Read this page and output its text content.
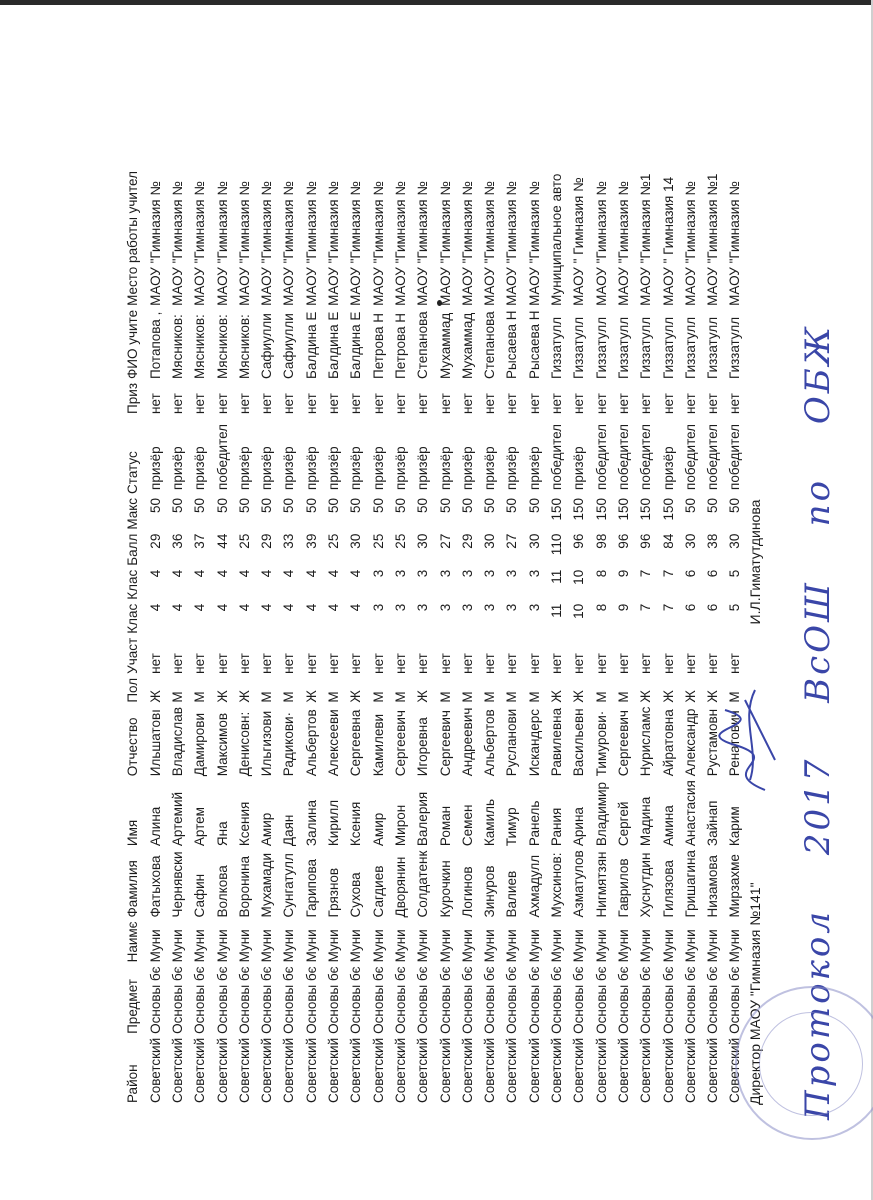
Протокол 2017 ВсОШ по ОБЖ
Район	Предмет	Наимє	Фамилия	Имя	Отчество	Пол	Участ	Клас	Клас	Балл	Макс	Статус	Приз	ФИО учите	Место работы учител
Советский	Основы бє	Муни	Фатыхова	Алина	Ильшатовı	Ж	нет	4	4	29	50	призёр	нет	Потапова ,	МАОУ "Гимназия №
Советский	Основы бє	Муни	Чернявски	Артемий	Владислав	М	нет	4	4	36	50	призёр	нет	Мясников:	МАОУ "Гимназия №
Советский	Основы бє	Муни	Сафин	Артем	Дамирови	М	нет	4	4	37	50	призёр	нет	Мясников:	МАОУ "Гимназия №
Советский	Основы бє	Муни	Волкова	Яна	Максимов	Ж	нет	4	4	44	50	победител	нет	Мясников:	МАОУ "Гимназия №
Советский	Основы бє	Муни	Воронина	Ксения	Денисовн:	Ж	нет	4	4	25	50	призёр	нет	Мясников:	МАОУ "Гимназия №
Советский	Основы бє	Муни	Мухамади	Амир	Ильгизови	М	нет	4	4	29	50	призёр	нет	Сафиулли	МАОУ "Гимназия №
Советский	Основы бє	Муни	Сунгатулл	Даян	Радикови·	М	нет	4	4	33	50	призёр	нет	Сафиулли	МАОУ "Гимназия №
Советский	Основы бє	Муни	Гарипова	Залина	Альбертов	Ж	нет	4	4	39	50	призёр	нет	Балдина Е	МАОУ "Гимназия №
Советский	Основы бє	Муни	Грязнов	Кирилл	Алексееви	М	нет	4	4	25	50	призёр	нет	Балдина Е	МАОУ "Гимназия №
Советский	Основы бє	Муни	Сухова	Ксения	Сергеевна	Ж	нет	4	4	30	50	призёр	нет	Балдина Е	МАОУ "Гимназия №
Советский	Основы бє	Муни	Сагдиев	Амир	Камилеви	М	нет	3	3	25	50	призёр	нет	Петрова Н	МАОУ "Гимназия №
Советский	Основы бє	Муни	Дворянин	Мирон	Сергеевич	М	нет	3	3	25	50	призёр	нет	Петрова Н	МАОУ "Гимназия №
Советский	Основы бє	Муни	Солдатенк	Валерия	Игоревна	Ж	нет	3	3	30	50	призёр	нет	Степанова	МАОУ "Гимназия №
Советский	Основы бє	Муни	Курочкин	Роман	Сергеевич	М	нет	3	3	27	50	призёр	нет	Мухаммад	МАОУ "Гимназия №
Советский	Основы бє	Муни	Логинов	Семен	Андреевич	М	нет	3	3	29	50	призёр	нет	Мухаммад	МАОУ "Гимназия №
Советский	Основы бє	Муни	Зинуров	Камиль	Альбертов	М	нет	3	3	30	50	призёр	нет	Степанова	МАОУ "Гимназия №
Советский	Основы бє	Муни	Валиев	Тимур	Русланови	М	нет	3	3	27	50	призёр	нет	Рысаева Н	МАОУ "Гимназия №
Советский	Основы бє	Муни	Ахмадулл	Ранель	Искандерс	М	нет	3	3	30	50	призёр	нет	Рысаева Н	МАОУ "Гимназия №
Советский	Основы бє	Муни	Мухсинов:	Рания	Равилевна	Ж	нет	11	11	110	150	победител	нет	Гиззатулл	Муниципальное авто
Советский	Основы бє	Муни	Азматулов	Арина	Васильевн	Ж	нет	10	10	96	150	призёр	нет	Гиззатулл	МАОУ " Гимназия №
Советский	Основы бє	Муни	Нигмятзян	Владимир	Тимурови·	М	нет	8	8	98	150	победител	нет	Гиззатулл	МАОУ "Гимназия №
Советский	Основы бє	Муни	Гаврилов	Сергей	Сергеевич	М	нет	9	9	96	150	победител	нет	Гиззатулл	МАОУ "Гимназия №
Советский	Основы бє	Муни	Хуснутдин	Мадина	Нурисламс	Ж	нет	7	7	96	150	победител	нет	Гиззатулл	МАОУ "Гимназия №1
Советский	Основы бє	Муни	Гилязова	Амина	Айратовна	Ж	нет	7	7	84	150	призёр	нет	Гиззатулл	МАОУ " Гимназия 14
Советский	Основы бє	Муни	Гришагина	Анастасия	Александр	Ж	нет	6	6	30	50	победител	нет	Гиззатулл	МАОУ "Гимназия №
Советский	Основы бє	Муни	Низамова	Зайнап	Рустамовн	Ж	нет	6	6	38	50	победител	нет	Гиззатулл	МАОУ "Гимназия №1
Советский	Основы бє	Муни	Мирзахме	Карим	Ренатович	М	нет	5	5	30	50	победител	нет	Гиззатулл	МАОУ "Гимназия №
Директор МАОУ "Гимназия №141"И.Л.Гиматутдинова
